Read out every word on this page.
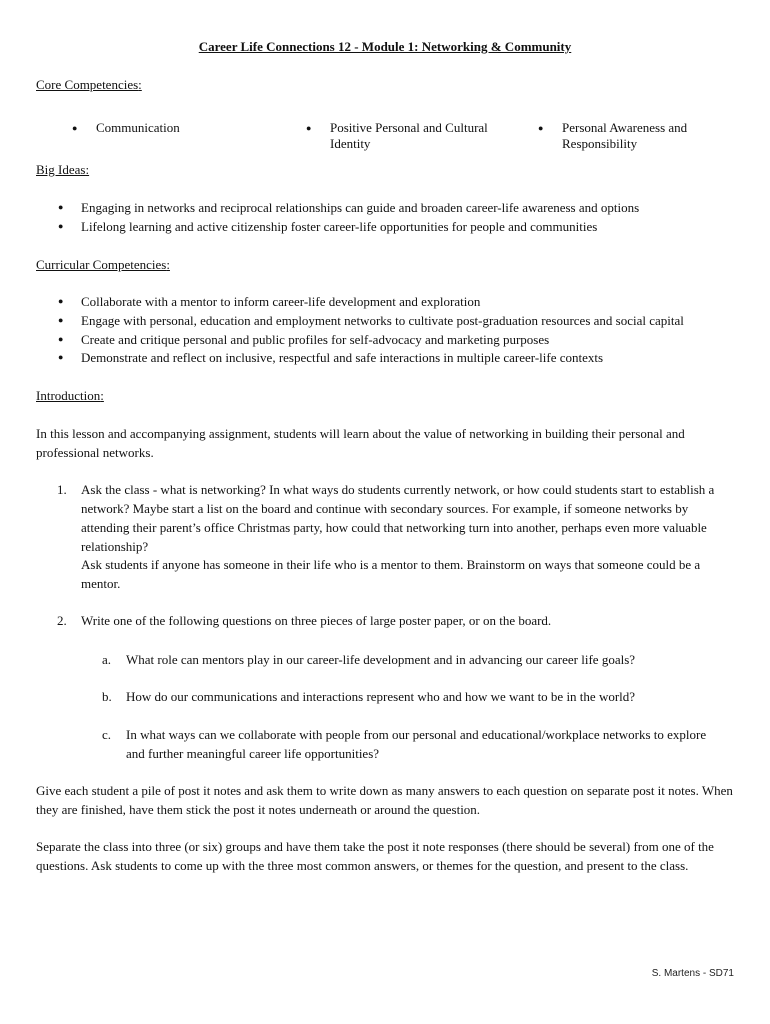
Career Life Connections 12 - Module 1: Networking & Community
Core Competencies:
● Communication	● Positive Personal and Cultural Identity
● Personal Awareness and Responsibility
Big Ideas:
● Engaging in networks and reciprocal relationships can guide and broaden career-life awareness and options
● Lifelong learning and active citizenship foster career-life opportunities for people and communities
Curricular Competencies:
● Collaborate with a mentor to inform career-life development and exploration
● Engage with personal, education and employment networks to cultivate post-graduation resources and social capital
● Create and critique personal and public profiles for self-advocacy and marketing purposes
● Demonstrate and reflect on inclusive, respectful and safe interactions in multiple career-life contexts
Introduction:
In this lesson and accompanying assignment, students will learn about the value of networking in building their personal and professional networks.
1. Ask the class - what is networking? In what ways do students currently network, or how could students start to establish a network? Maybe start a list on the board and continue with secondary sources. For example, if someone networks by attending their parent’s office Christmas party, how could that networking turn into another, perhaps even more valuable relationship?
Ask students if anyone has someone in their life who is a mentor to them. Brainstorm on ways that someone could be a mentor.
2. Write one of the following questions on three pieces of large poster paper, or on the board.
a. What role can mentors play in our career-life development and in advancing our career life goals?
b. How do our communications and interactions represent who and how we want to be in the world?
c. In what ways can we collaborate with people from our personal and educational/workplace networks to explore and further meaningful career life opportunities?
Give each student a pile of post it notes and ask them to write down as many answers to each question on separate post it notes. When they are finished, have them stick the post it notes underneath or around the question.
Separate the class into three (or six) groups and have them take the post it note responses (there should be several) from one of the questions. Ask students to come up with the three most common answers, or themes for the question, and present to the class.
S. Martens - SD71
